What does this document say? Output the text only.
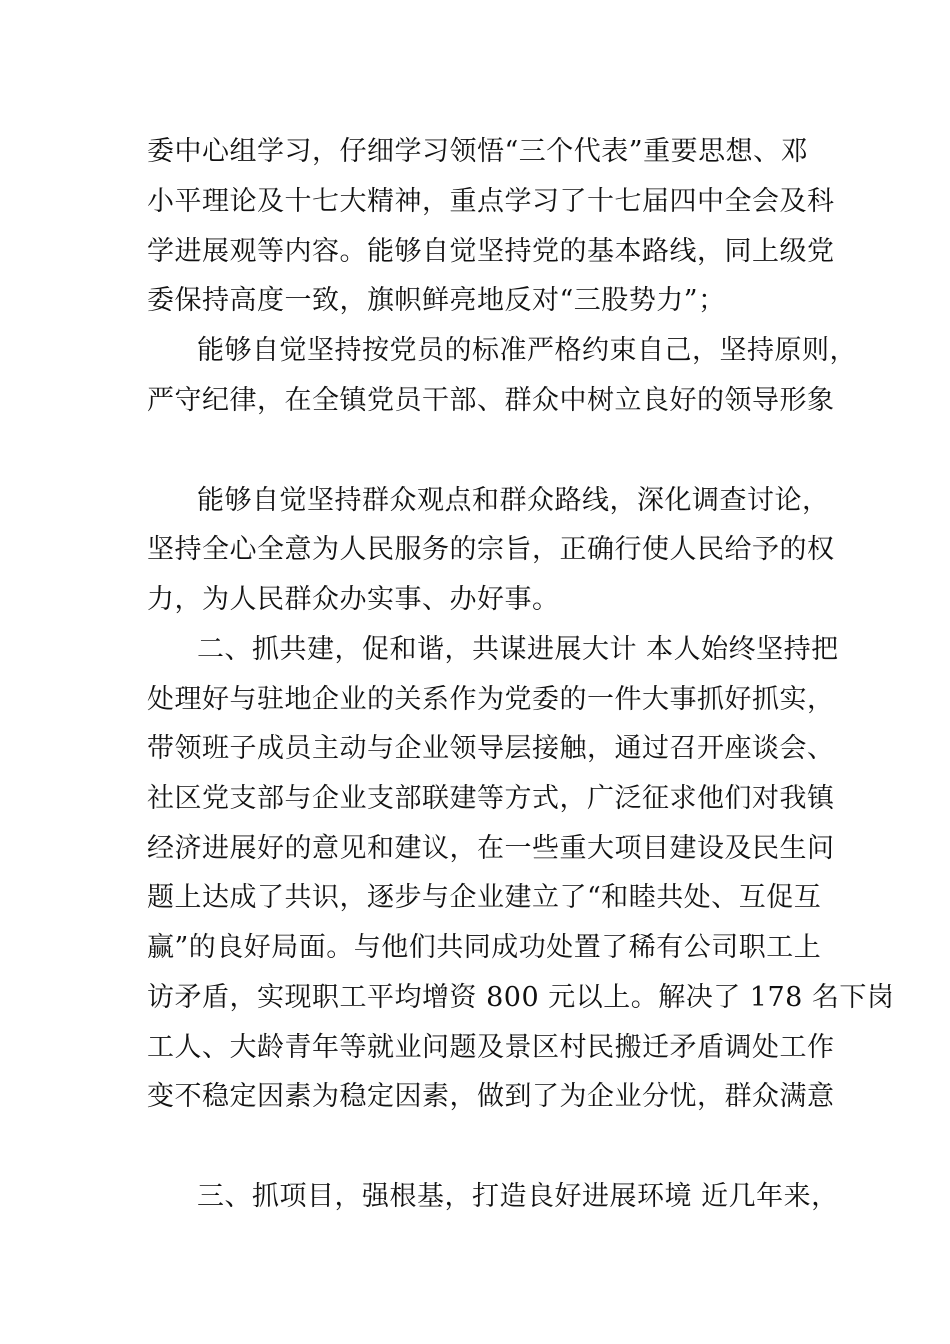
委中心组学习，仔细学习领悟“三个代表”重要思想、邓
小平理论及十七大精神，重点学习了十七届四中全会及科
学进展观等内容。能够自觉坚持党的基本路线，同上级党
委保持高度一致，旗帜鲜亮地反对“三股势力”；
能够自觉坚持按党员的标准严格约束自己，坚持原则，
严守纪律，在全镇党员干部、群众中树立良好的领导形象
能够自觉坚持群众观点和群众路线，深化调查讨论，
坚持全心全意为人民服务的宗旨，正确行使人民给予的权
力，为人民群众办实事、办好事。
二、抓共建，促和谐，共谋进展大计 本人始终坚持把
处理好与驻地企业的关系作为党委的一件大事抓好抓实，
带领班子成员主动与企业领导层接触，通过召开座谈会、
社区党支部与企业支部联建等方式，广泛征求他们对我镇
经济进展好的意见和建议，在一些重大项目建设及民生问
题上达成了共识，逐步与企业建立了“和睦共处、互促互
赢”的良好局面。与他们共同成功处置了稀有公司职工上
访矛盾，实现职工平均增资 800 元以上。解决了 178 名下岗
工人、大龄青年等就业问题及景区村民搬迁矛盾调处工作
变不稳定因素为稳定因素，做到了为企业分忧，群众满意
三、抓项目，强根基，打造良好进展环境 近几年来，
